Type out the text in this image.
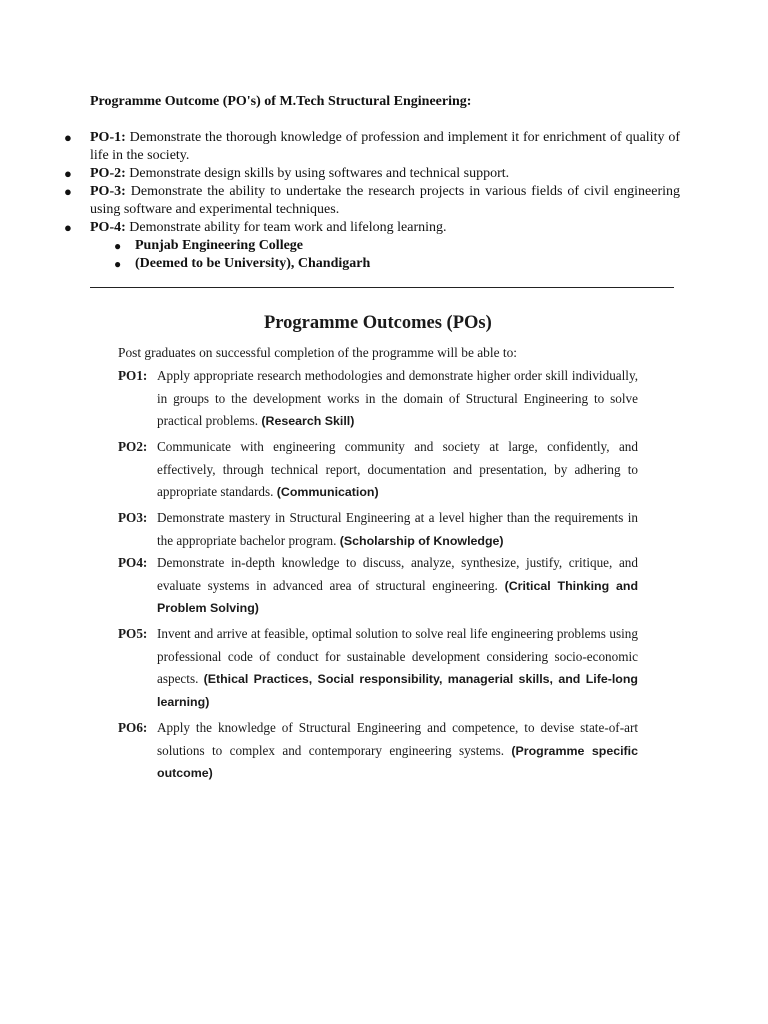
Programme Outcome (PO's) of M.Tech Structural Engineering:

● PO-1: Demonstrate the thorough knowledge of profession and implement it for enrichment of quality of life in the society.
● PO-2: Demonstrate design skills by using softwares and technical support.
● PO-3: Demonstrate the ability to undertake the research projects in various fields of civil engineering using software and experimental techniques.
● PO-4: Demonstrate ability for team work and lifelong learning.
● Punjab Engineering College
● (Deemed to be University), Chandigarh
Programme Outcomes (POs)
Post graduates on successful completion of the programme will be able to:
PO1: Apply appropriate research methodologies and demonstrate higher order skill individually, in groups to the development works in the domain of Structural Engineering to solve practical problems. (Research Skill)
PO2: Communicate with engineering community and society at large, confidently, and effectively, through technical report, documentation and presentation, by adhering to appropriate standards. (Communication)
PO3: Demonstrate mastery in Structural Engineering at a level higher than the requirements in the appropriate bachelor program. (Scholarship of Knowledge)
PO4: Demonstrate in-depth knowledge to discuss, analyze, synthesize, justify, critique, and evaluate systems in advanced area of structural engineering. (Critical Thinking and Problem Solving)
PO5: Invent and arrive at feasible, optimal solution to solve real life engineering problems using professional code of conduct for sustainable development considering socio-economic aspects. (Ethical Practices, Social responsibility, managerial skills, and Life-long learning)
PO6: Apply the knowledge of Structural Engineering and competence, to devise state-of-art solutions to complex and contemporary engineering systems. (Programme specific outcome)
